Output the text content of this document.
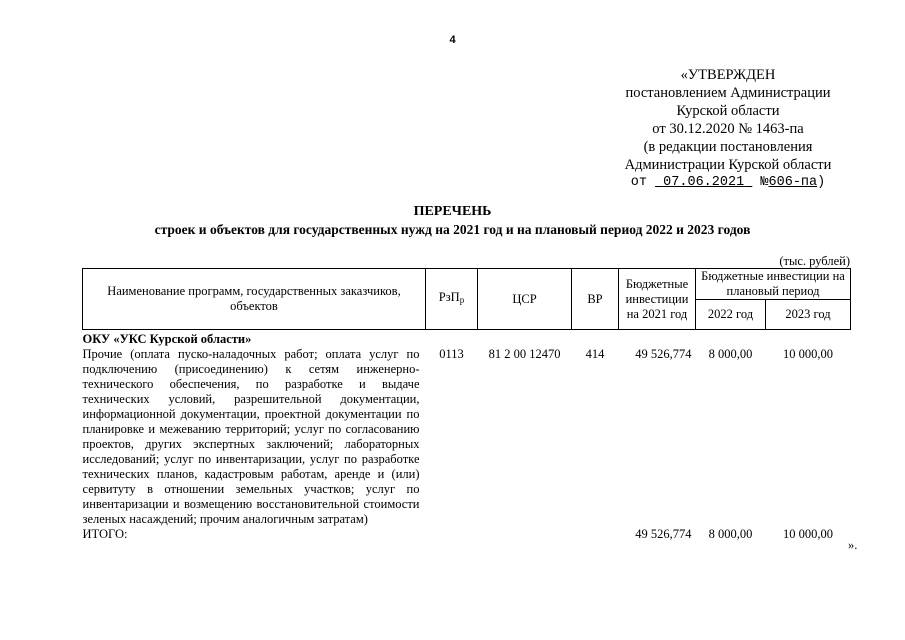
4
«УТВЕРЖДЕН
постановлением Администрации
Курской области
от 30.12.2020 № 1463-па
(в редакции постановления
Администрации Курской области
от 07.06.2021 №606-па)
ПЕРЕЧЕНЬ
строек и объектов для государственных нужд на 2021 год и на плановый период 2022 и 2023 годов
(тыс. рублей)
Наименование программ, государственных заказчиков, объектов	РзП$_р$	ЦСР	ВР	Бюджетные инвестиции на 2021 год	Бюджетные инвестиции на плановый период	
					2022 год	2023 год
ОКУ «УКС Курской области»						
Прочие (оплата пуско-наладочных работ; оплата услуг по подключению (присоединению) к сетям инженерно-технического обеспечения, по разработке и выдаче технических условий, разрешительной документации, информационной документации, проектной документации по планировке и межеванию территорий; услуг по согласованию проектов, других экспертных заключений; лабораторных исследований; услуг по инвентаризации, услуг по разработке технических планов, кадастровым работам, аренде и (или) сервитуту в отношении земельных участков; услуг по инвентаризации и возмещению восстановительной стоимости зеленых насаждений; прочим аналогичным затратам)	0113	81 2 00 12470	414	49 526,774	8 000,00	10 000,00
ИТОГО:				49 526,774	8 000,00	10 000,00
».
